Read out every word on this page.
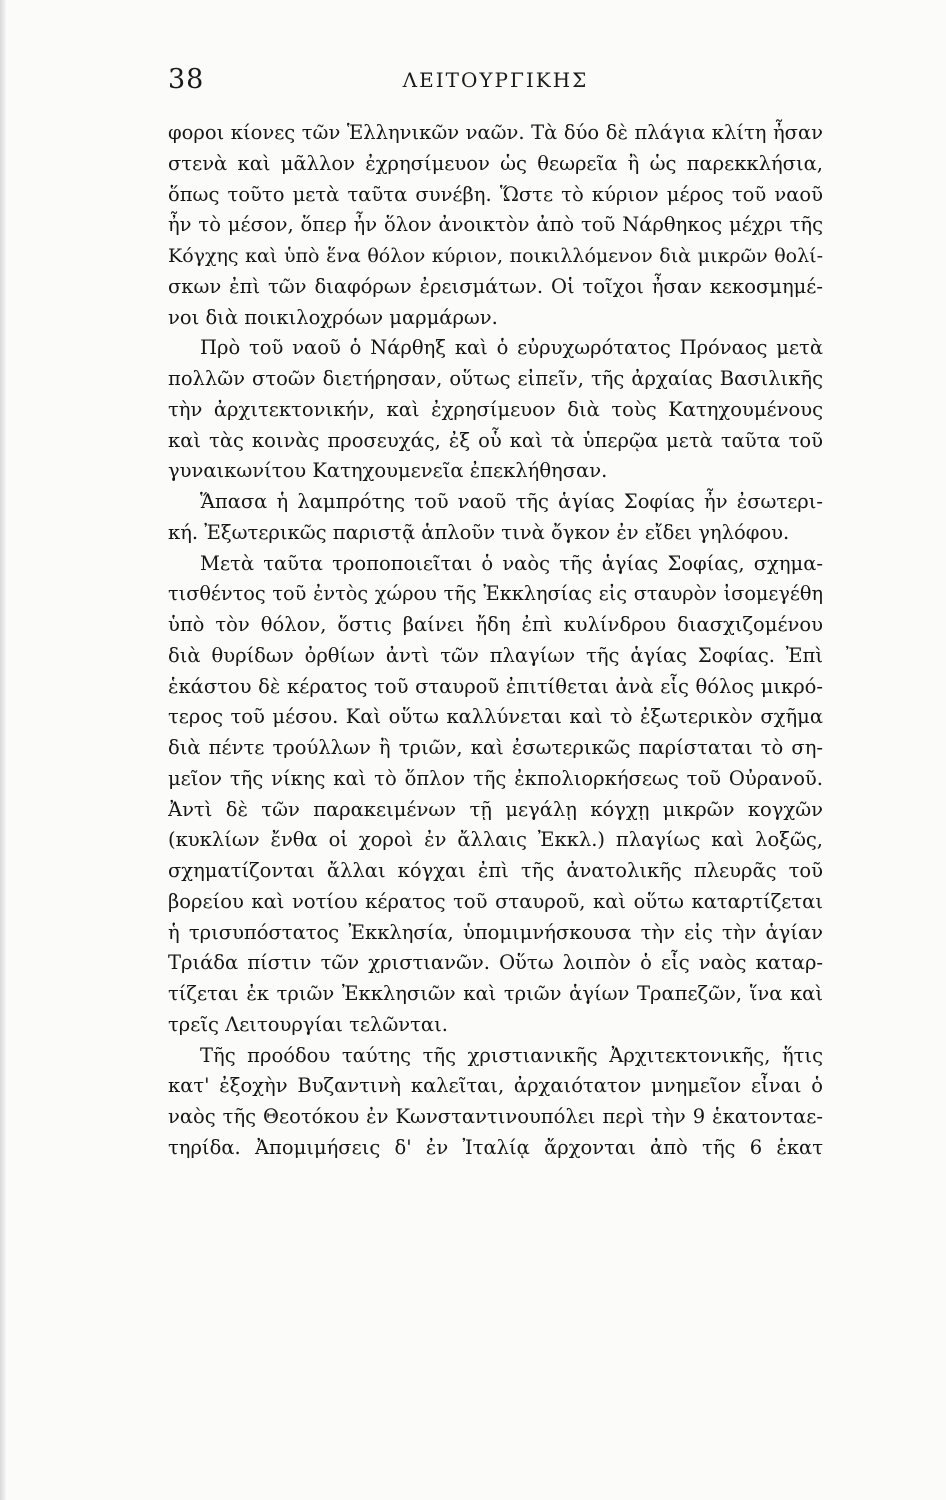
38	ΛΕΙΤΟΥΡΓΙΚΗΣ
φοροι κίονες τῶν Ἑλληνικῶν ναῶν. Τὰ δύο δὲ πλάγια κλίτη ἦσαν
στενὰ καὶ μᾶλλον ἐχρησίμευον ὡς θεωρεῖα ἢ ὡς παρεκκλήσια,
ὅπως τοῦτο μετὰ ταῦτα συνέβη. Ὥστε τὸ κύριον μέρος τοῦ ναοῦ
ἦν τὸ μέσον, ὅπερ ἦν ὅλον ἀνοικτὸν ἀπὸ τοῦ Νάρθηκος μέχρι τῆς
Κόγχης καὶ ὑπὸ ἕνα θόλον κύριον, ποικιλλόμενον διὰ μικρῶν θολί-
σκων ἐπὶ τῶν διαφόρων ἐρεισμάτων. Οἱ τοῖχοι ἦσαν κεκοσμημέ-
νοι διὰ ποικιλοχρόων μαρμάρων.
Πρὸ τοῦ ναοῦ ὁ Νάρθηξ καὶ ὁ εὐρυχωρότατος Πρόναος μετὰ
πολλῶν στοῶν διετήρησαν, οὕτως εἰπεῖν, τῆς ἀρχαίας Βασιλικῆς
τὴν ἀρχιτεκτονικήν, καὶ ἐχρησίμευον διὰ τοὺς Κατηχουμένους
καὶ τὰς κοινὰς προσευχάς, ἐξ οὗ καὶ τὰ ὑπερῷα μετὰ ταῦτα τοῦ
γυναικωνίτου Κατηχουμενεῖα ἐπεκλήθησαν.
Ἅπασα ἡ λαμπρότης τοῦ ναοῦ τῆς ἁγίας Σοφίας ἦν ἐσωτερι-
κή. Ἐξωτερικῶς παριστᾷ ἁπλοῦν τινὰ ὄγκον ἐν εἴδει γηλόφου.
Μετὰ ταῦτα τροποποιεῖται ὁ ναὸς τῆς ἁγίας Σοφίας, σχημα-
τισθέντος τοῦ ἐντὸς χώρου τῆς Ἐκκλησίας εἰς σταυρὸν ἰσομεγέθη
ὑπὸ τὸν θόλον, ὅστις βαίνει ἤδη ἐπὶ κυλίνδρου διασχιζομένου
διὰ θυρίδων ὀρθίων ἀντὶ τῶν πλαγίων τῆς ἁγίας Σοφίας. Ἐπὶ
ἑκάστου δὲ κέρατος τοῦ σταυροῦ ἐπιτίθεται ἀνὰ εἷς θόλος μικρό-
τερος τοῦ μέσου. Καὶ οὕτω καλλύνεται καὶ τὸ ἐξωτερικὸν σχῆμα
διὰ πέντε τρούλλων ἢ τριῶν, καὶ ἐσωτερικῶς παρίσταται τὸ ση-
μεῖον τῆς νίκης καὶ τὸ ὅπλον τῆς ἐκπολιορκήσεως τοῦ Οὐρανοῦ.
Ἀντὶ δὲ τῶν παρακειμένων τῇ μεγάλῃ κόγχῃ μικρῶν κογχῶν
(κυκλίων ἔνθα οἱ χοροὶ ἐν ἄλλαις Ἐκκλ.) πλαγίως καὶ λοξῶς,
σχηματίζονται ἄλλαι κόγχαι ἐπὶ τῆς ἀνατολικῆς πλευρᾶς τοῦ
βορείου καὶ νοτίου κέρατος τοῦ σταυροῦ, καὶ οὕτω καταρτίζεται
ἡ τρισυπόστατος Ἐκκλησία, ὑπομιμνήσκουσα τὴν εἰς τὴν ἁγίαν
Τριάδα πίστιν τῶν χριστιανῶν. Οὕτω λοιπὸν ὁ εἷς ναὸς καταρ-
τίζεται ἐκ τριῶν Ἐκκλησιῶν καὶ τριῶν ἁγίων Τραπεζῶν, ἵνα καὶ
τρεῖς Λειτουργίαι τελῶνται.
Τῆς προόδου ταύτης τῆς χριστιανικῆς Ἀρχιτεκτονικῆς, ἥτις
κατ' ἐξοχὴν Βυζαντινὴ καλεῖται, ἀρχαιότατον μνημεῖον εἶναι ὁ
ναὸς τῆς Θεοτόκου ἐν Κωνσταντινουπόλει περὶ τὴν 9 ἑκατονταε-
τηρίδα. Ἀπομιμήσεις δ' ἐν Ἰταλίᾳ ἄρχονται ἀπὸ τῆς 6 ἑκατ
